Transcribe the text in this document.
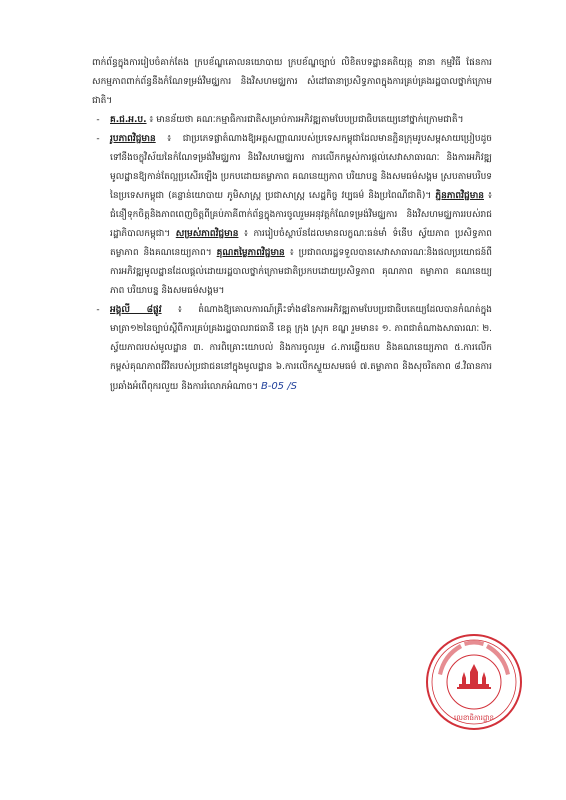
ពាក់ព័ន្ធក្នុងការរៀបចំគាក់តែង ក្របខ័ណ្ឌគោលនយោបាយ ក្របខ័ណ្ឌច្បាប់ លិខិតបទដ្ឋានគតិយុត្ត នានា កម្មវិធី ផែនការសកម្មភាពពាក់ព័ន្ធនឹងកំណែទម្រង់វិមជ្ឈការ និងវិសហមជ្ឈការ សំដៅធានាប្រសិទ្ធភាពក្នុងការគ្រប់គ្រងរដ្ឋបាលថ្នាក់ក្រោមជាតិ។

-	គ.ជ.អ.ប. ៖ មានន័យថា គណៈកម្មាធិការជាតិសម្រាប់ការអភិវឌ្ឍតាមបែបប្រជាធិបតេយ្យនៅថ្នាក់ក្រោមជាតិ។

-	រូបភាពវិជ្ជមាន ៖ ជាប្រភេទផ្លាតំណាងឱ្យអត្តសញ្ញាណរបស់ប្រទេសកម្ពុជាដែលមានភ្ជិនក្រុមរូបសម្ពសាយប្រៀបដូចទៅនឹងចក្ខុវិស័យនៃកំណែទម្រង់វិមជ្ឈការ និងវិសហមជ្ឈការ ការលើកកម្ពស់ការផ្តល់សេវាសាធារណៈ និងការអភិវឌ្ឍមូលដ្ឋានឱ្យកាន់តែល្អប្រសើរឡើង ប្រកបដោយតម្លាភាព គណនេយ្យភាព បរិយាបន្ន និងសមធម៌សង្គម ស្របតាមបរិបទនៃប្រទេសកម្ពុជា (គន្លាន់យោបាយ ភូមិសាស្ត្រ ប្រជាសាស្ត្រ សេដ្ឋកិច្ច វប្បធម៌ និងប្រពៃណីជាតិ)។ ភ្ជិនភាពវិជ្ជមាន ៖ ជំនឿទុកចិត្តនិងភាពពេញចិត្តពីគ្រប់ភាគីពាក់ព័ន្ធក្នុងការចូលរួមអនុវត្តកំណែទម្រង់វិមជ្ឈការ និងវិសហមជ្ឈការរបស់រាជរដ្ឋាភិបាលកម្ពុជា។ សម្រស់ភាពវិជ្ជមាន ៖ ការរៀបចំស្ថាប័នដែលមានលក្ខណៈធន់មាំ ទំនើប ស្វ័យភាព ប្រសិទ្ធភាព តម្លាភាព និងគណនេយ្យភាព។ គុណតម្លៃភាពវិជ្ជមាន ៖ ប្រជាពលរដ្ឋទទួលបានសេវាសាធារណៈនិងផលប្រយោជន៍ពីការអភិវឌ្ឍមូលដ្ឋានដែលផ្តល់ដោយរដ្ឋបាលថ្នាក់ក្រោមជាតិប្រកបដោយប្រសិទ្ធភាព គុណភាព តម្លាភាព គណនេយ្យភាព បរិយាបន្ន និងសមធម៌សង្គម។

-	អង្គុលី ៨ផ្លូវ ៖ តំណាងឱ្យគោលការណ៍គ្រឹះទាំង៨នៃការអភិវឌ្ឍតាមបែបប្រជាធិបតេយ្យដែលបានកំណត់ក្នុងមាត្រា១២នៃច្បាប់ស្តីពីការគ្រប់គ្រងរដ្ឋបាលរាជធានី ខេត្ត ក្រុង ស្រុក ខណ្ឌ រួមមាន៖ ១. ភាពជាតំណាងសាធារណៈ ២. ស្វ័យភាពរបស់មូលដ្ឋាន ៣. ការពិគ្រោះយោបល់ និងការចូលរួម ៤.ការឆ្លើយតប និងគណនេយ្យភាព ៥.ការលើកកម្ពស់គុណភាពជីវិតរបស់ប្រជាជននៅក្នុងមូលដ្ឋាន ៦.ការលើកស្ទួយសមធម៌ ៧.តម្លាភាព និងសុចរិតភាព ៨.វិធានការប្រឆាំងអំពើពុករលួយ និងការរំលោភអំណាច។ B-05 /S

លេខាធិការដ្ឋាន
